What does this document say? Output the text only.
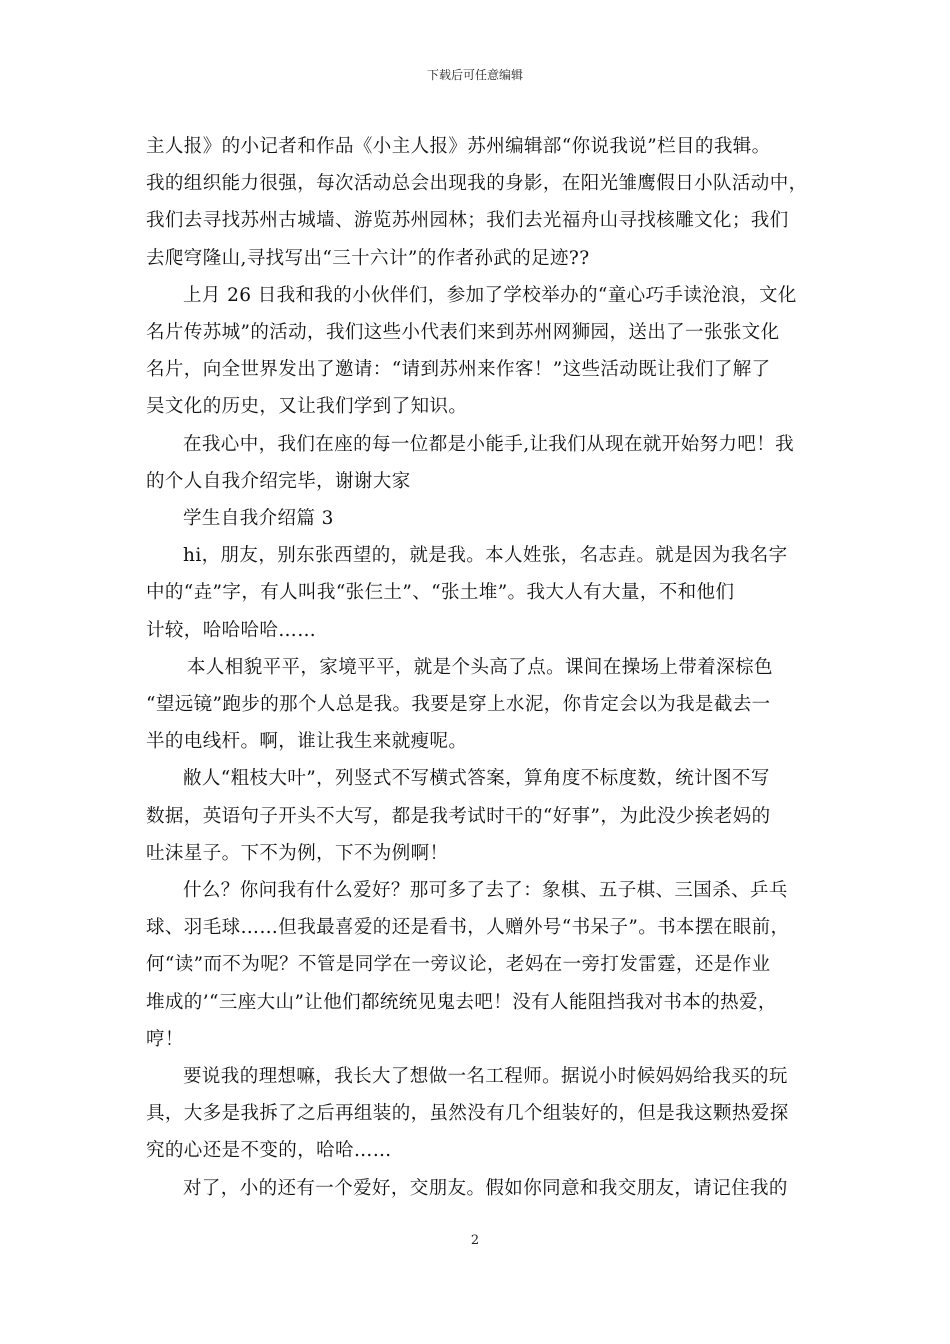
下载后可任意编辑

主人报》的小记者和作品《小主人报》苏州编辑部“你说我说”栏目的我辑。
我的组织能力很强，每次活动总会出现我的身影，在阳光雏鹰假日小队活动中，
我们去寻找苏州古城墙、游览苏州园林；我们去光福舟山寻找核雕文化；我们
去爬穹隆山,寻找写出“三十六计”的作者孙武的足迹??

上月 26 日我和我的小伙伴们，参加了学校举办的“童心巧手读沧浪，文化
名片传苏城”的活动，我们这些小代表们来到苏州网狮园，送出了一张张文化
名片，向全世界发出了邀请：“请到苏州来作客！”这些活动既让我们了解了
吴文化的历史，又让我们学到了知识。

在我心中，我们在座的每一位都是小能手,让我们从现在就开始努力吧！我
的个人自我介绍完毕，谢谢大家

学生自我介绍篇 3

hi，朋友，别东张西望的，就是我。本人姓张，名志垚。就是因为我名字
中的“垚”字，有人叫我“张仨土”、“张土堆”。我大人有大量，不和他们
计较，哈哈哈哈……

本人相貌平平，家境平平，就是个头高了点。课间在操场上带着深棕色
“望远镜”跑步的那个人总是我。我要是穿上水泥，你肯定会以为我是截去一
半的电线杆。啊，谁让我生来就瘦呢。

敝人“粗枝大叶”，列竖式不写横式答案，算角度不标度数，统计图不写
数据，英语句子开头不大写，都是我考试时干的“好事”，为此没少挨老妈的
吐沫星子。下不为例，下不为例啊！

什么？你问我有什么爱好？那可多了去了：象棋、五子棋、三国杀、乒乓
球、羽毛球……但我最喜爱的还是看书，人赠外号“书呆子”。书本摆在眼前，
何“读”而不为呢？不管是同学在一旁议论，老妈在一旁打发雷霆，还是作业
堆成的’“三座大山”让他们都统统见鬼去吧！没有人能阻挡我对书本的热爱，
哼！

要说我的理想嘛，我长大了想做一名工程师。据说小时候妈妈给我买的玩
具，大多是我拆了之后再组装的，虽然没有几个组装好的，但是我这颗热爱探
究的心还是不变的，哈哈……

对了，小的还有一个爱好，交朋友。假如你同意和我交朋友，请记住我的

2
